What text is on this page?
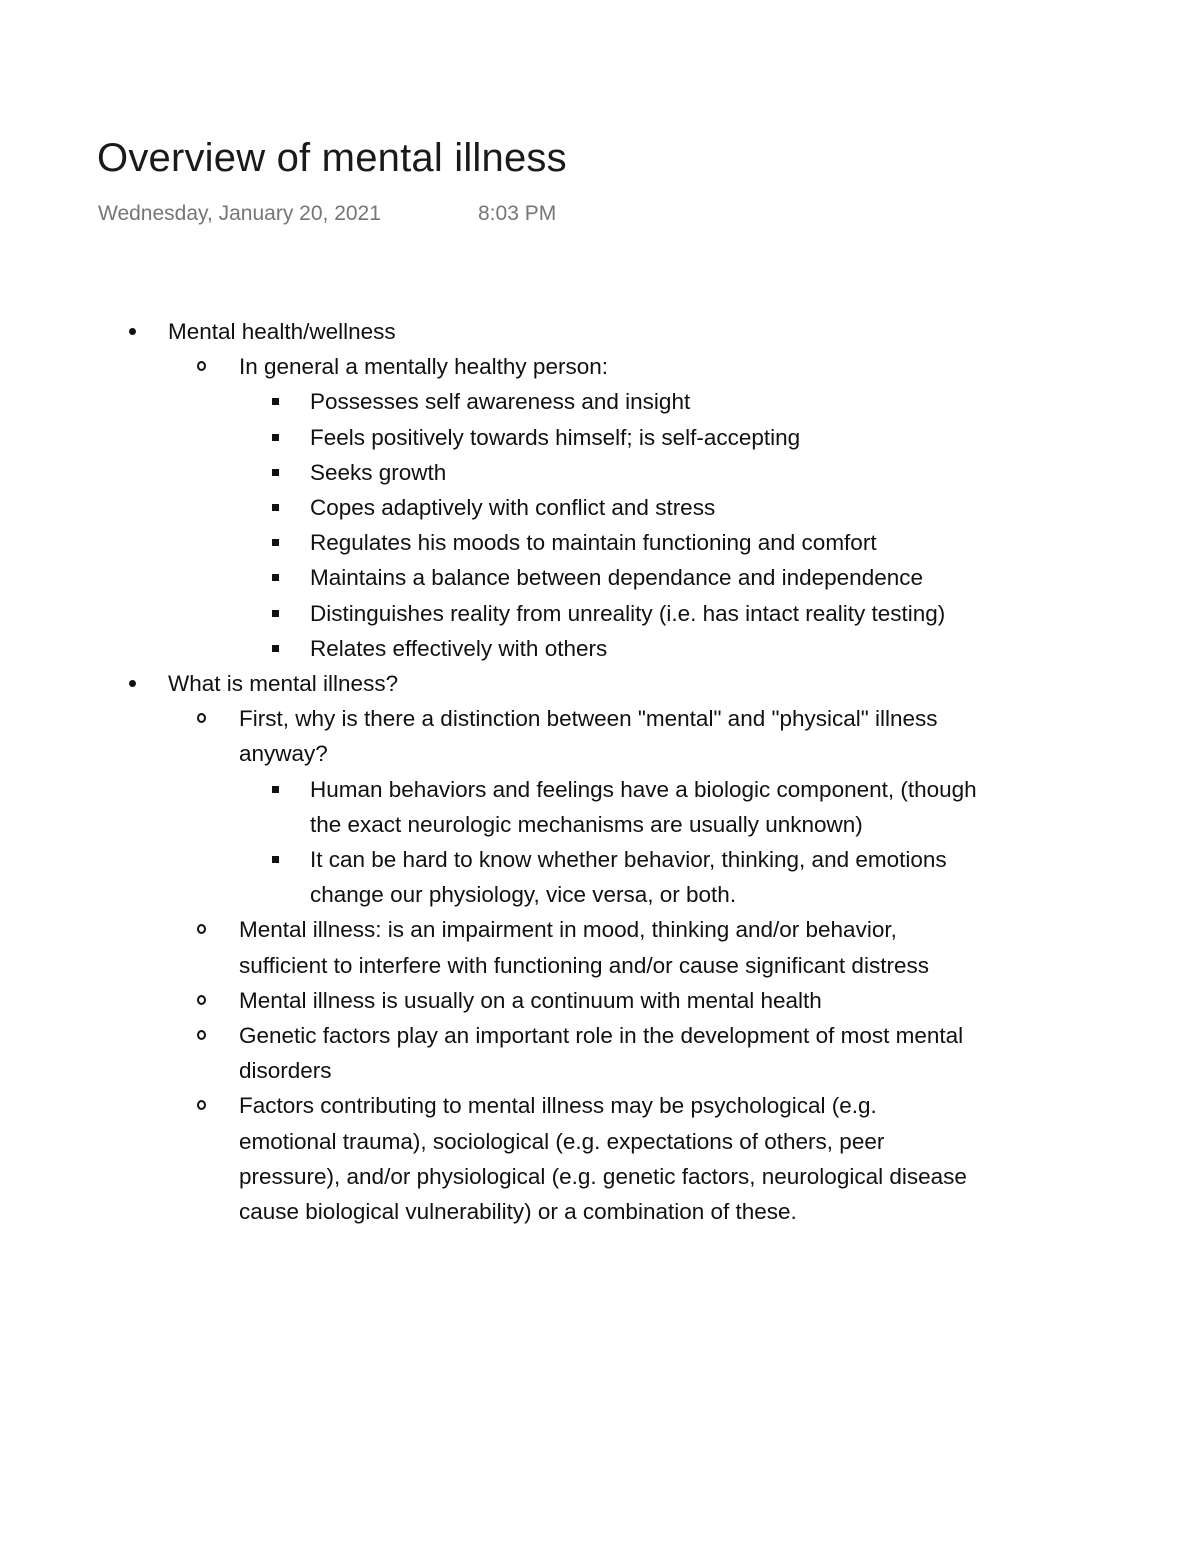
Overview of mental illness
Wednesday, January 20, 2021	8:03 PM
Mental health/wellness
In general a mentally healthy person:
Possesses self awareness and insight
Feels positively towards himself; is self-accepting
Seeks growth
Copes adaptively with conflict and stress
Regulates his moods to maintain functioning and comfort
Maintains a balance between dependance and independence
Distinguishes reality from unreality (i.e. has intact reality testing)
Relates effectively with others
What is mental illness?
First, why is there a distinction between "mental" and "physical" illness anyway?
Human behaviors and feelings have a biologic component, (though the exact neurologic mechanisms are usually unknown)
It can be hard to know whether behavior, thinking, and emotions change our physiology, vice versa, or both.
Mental illness: is an impairment in mood, thinking and/or behavior, sufficient to interfere with functioning and/or cause significant distress
Mental illness is usually on a continuum with mental health
Genetic factors play an important role in the development of most mental disorders
Factors contributing to mental illness may be psychological (e.g. emotional trauma), sociological (e.g. expectations of others, peer pressure), and/or physiological (e.g. genetic factors, neurological disease cause biological vulnerability) or a combination of these.
